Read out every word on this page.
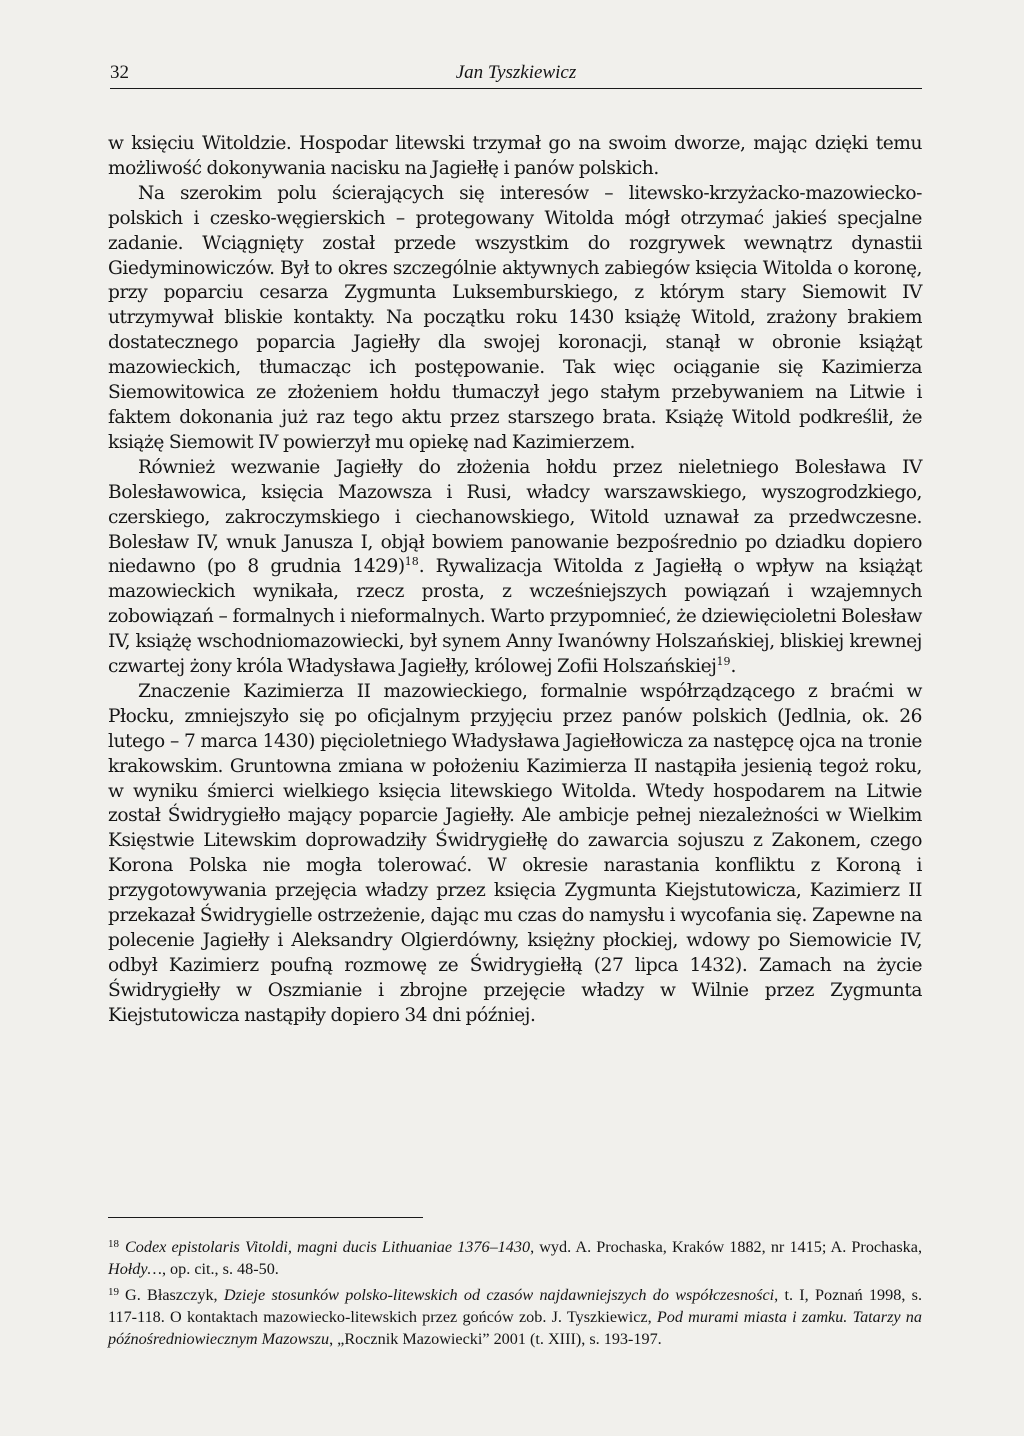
32	Jan Tyszkiewicz

w księciu Witoldzie. Hospodar litewski trzymał go na swoim dworze, mając dzięki temu możliwość dokonywania nacisku na Jagiełłę i panów polskich.

Na szerokim polu ścierających się interesów – litewsko-krzyżacko-mazowiecko-polskich i czesko-węgierskich – protegowany Witolda mógł otrzymać jakieś specjalne zadanie. Wciągnięty został przede wszystkim do rozgrywek wewnątrz dynastii Giedyminowiczów. Był to okres szczególnie aktywnych zabiegów księcia Witolda o koronę, przy poparciu cesarza Zygmunta Luksemburskiego, z którym stary Siemowit IV utrzymywał bliskie kontakty. Na początku roku 1430 książę Witold, zrażony brakiem dostatecznego poparcia Jagiełły dla swojej koronacji, stanął w obronie książąt mazowieckich, tłumacząc ich postępowanie. Tak więc ociąganie się Kazimierza Siemowitowica ze złożeniem hołdu tłumaczył jego stałym przebywaniem na Litwie i faktem dokonania już raz tego aktu przez starszego brata. Książę Witold podkreślił, że książę Siemowit IV powierzył mu opiekę nad Kazimierzem.

Również wezwanie Jagiełły do złożenia hołdu przez nieletniego Bolesława IV Bolesławowica, księcia Mazowsza i Rusi, władcy warszawskiego, wyszogrodzkiego, czerskiego, zakroczymskiego i ciechanowskiego, Witold uznawał za przedwczesne. Bolesław IV, wnuk Janusza I, objął bowiem panowanie bezpośrednio po dziadku dopiero niedawno (po 8 grudnia 1429)$^{18}$. Rywalizacja Witolda z Jagiełłą o wpływ na książąt mazowieckich wynikała, rzecz prosta, z wcześniejszych powiązań i wzajemnych zobowiązań – formalnych i nieformalnych. Warto przypomnieć, że dziewięcioletni Bolesław IV, książę wschodniomazowiecki, był synem Anny Iwanówny Holszańskiej, bliskiej krewnej czwartej żony króla Władysława Jagiełły, królowej Zofii Holszańskiej$^{19}$.

Znaczenie Kazimierza II mazowieckiego, formalnie współrządzącego z braćmi w Płocku, zmniejszyło się po oficjalnym przyjęciu przez panów polskich (Jedlnia, ok. 26 lutego – 7 marca 1430) pięcioletniego Władysława Jagiełłowicza za następcę ojca na tronie krakowskim. Gruntowna zmiana w położeniu Kazimierza II nastąpiła jesienią tegoż roku, w wyniku śmierci wielkiego księcia litewskiego Witolda. Wtedy hospodarem na Litwie został Świdrygiełło mający poparcie Jagiełły. Ale ambicje pełnej niezależności w Wielkim Księstwie Litewskim doprowadziły Świdrygiełłę do zawarcia sojuszu z Zakonem, czego Korona Polska nie mogła tolerować. W okresie narastania konfliktu z Koroną i przygotowywania przejęcia władzy przez księcia Zygmunta Kiejstutowicza, Kazimierz II przekazał Świdrygielle ostrzeżenie, dając mu czas do namysłu i wycofania się. Zapewne na polecenie Jagiełły i Aleksandry Olgierdówny, księżny płockiej, wdowy po Siemowicie IV, odbył Kazimierz poufną rozmowę ze Świdrygiełłą (27 lipca 1432). Zamach na życie Świdrygiełły w Oszmianie i zbrojne przejęcie władzy w Wilnie przez Zygmunta Kiejstutowicza nastąpiły dopiero 34 dni później.

$^{18}$ Codex epistolaris Vitoldi, magni ducis Lithuaniae 1376–1430, wyd. A. Prochaska, Kraków 1882, nr 1415; A. Prochaska, Hołdy…, op. cit., s. 48-50.

$^{19}$ G. Błaszczyk, Dzieje stosunków polsko-litewskich od czasów najdawniejszych do współczesności, t. I, Poznań 1998, s. 117-118. O kontaktach mazowiecko-litewskich przez gońców zob. J. Tyszkiewicz, Pod murami miasta i zamku. Tatarzy na późnośredniowiecznym Mazowszu, „Rocznik Mazowiecki” 2001 (t. XIII), s. 193-197.
